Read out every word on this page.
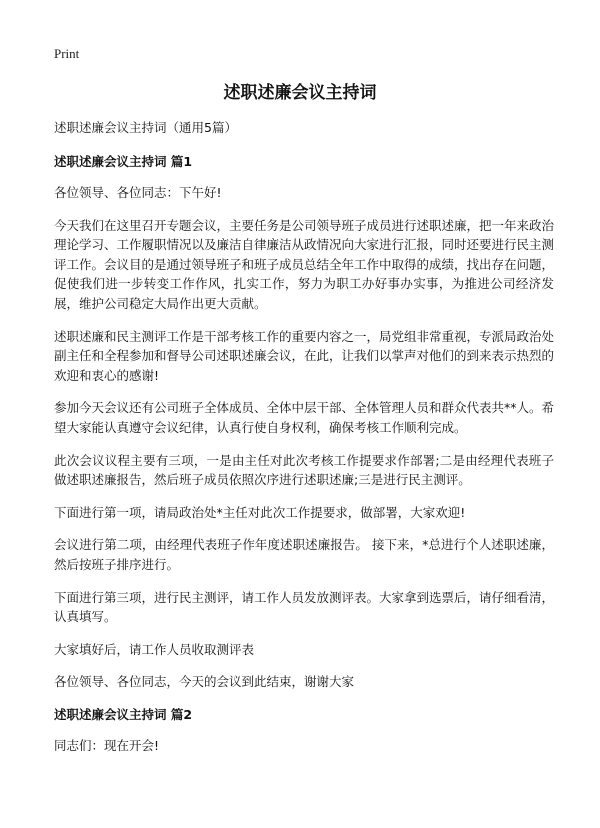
Print
述职述廉会议主持词

述职述廉会议主持词（通用5篇）

述职述廉会议主持词 篇1

各位领导、各位同志：下午好!

今天我们在这里召开专题会议，主要任务是公司领导班子成员进行述职述廉，把一年来政治理论学习、工作履职情况以及廉洁自律廉洁从政情况向大家进行汇报，同时还要进行民主测评工作。会议目的是通过领导班子和班子成员总结全年工作中取得的成绩，找出存在问题，促使我们进一步转变工作作风，扎实工作，努力为职工办好事办实事，为推进公司经济发展，维护公司稳定大局作出更大贡献。

述职述廉和民主测评工作是干部考核工作的重要内容之一，局党组非常重视，专派局政治处副主任和全程参加和督导公司述职述廉会议，在此，让我们以掌声对他们的到来表示热烈的欢迎和衷心的感谢!

参加今天会议还有公司班子全体成员、全体中层干部、全体管理人员和群众代表共**人。希望大家能认真遵守会议纪律，认真行使自身权利，确保考核工作顺利完成。

此次会议议程主要有三项，一是由主任对此次考核工作提要求作部署;二是由经理代表班子做述职述廉报告，然后班子成员依照次序进行述职述廉;三是进行民主测评。

下面进行第一项，请局政治处*主任对此次工作提要求，做部署，大家欢迎!

会议进行第二项，由经理代表班子作年度述职述廉报告。 接下来，*总进行个人述职述廉，然后按班子排序进行。

下面进行第三项，进行民主测评，请工作人员发放测评表。大家拿到选票后，请仔细看清，认真填写。

大家填好后，请工作人员收取测评表

各位领导、各位同志，今天的会议到此结束，谢谢大家

述职述廉会议主持词 篇2

同志们：现在开会!
